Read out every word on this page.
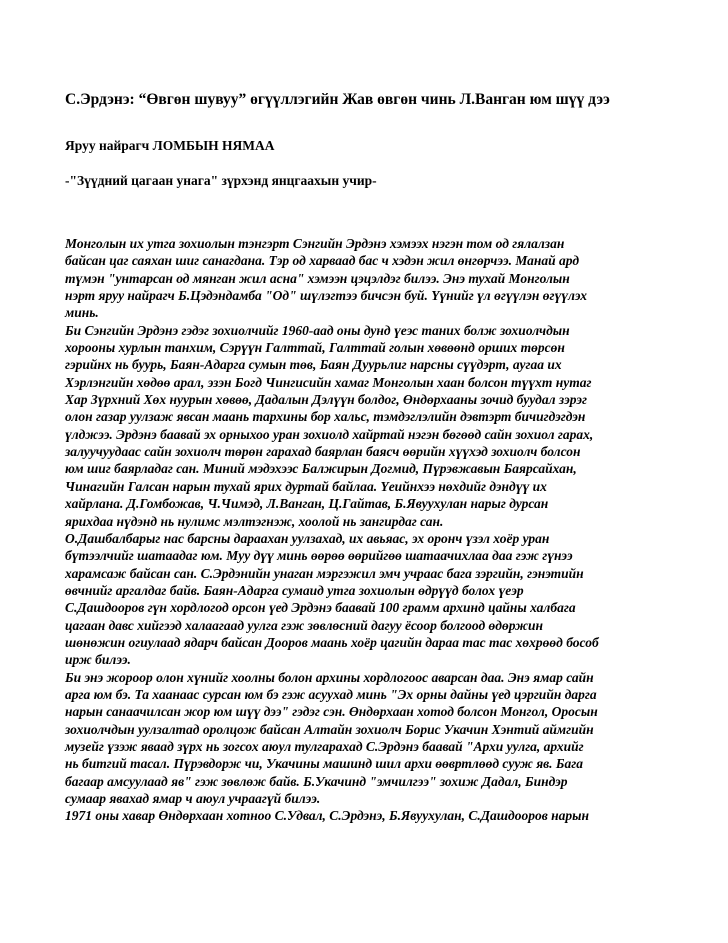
С.Эрдэнэ: “Өвгөн шувуу” өгүүллэгийн Жав өвгөн чинь Л.Ванган юм шүү дээ
Яруу найрагч ЛОМБЫН НЯМАА
-"Зүүдний цагаан унага" зүрхэнд янцгаахын учир-
Монголын их утга зохиолын тэнгэрт Сэнгийн Эрдэнэ хэмээх нэгэн том од гялалзан
байсан цаг саяхан шиг санагдана. Тэр од харваад бас ч хэдэн жил өнгөрчээ. Манай ард
түмэн "унтарсан од мянган жил асна" хэмээн цэцэлдэг билээ. Энэ тухай Монголын
нэрт яруу найрагч Б.Цэдэндамба "Од" шүлэгтээ бичсэн буй. Үүнийг үл өгүүлэн өгүүлэх
минь.
Би Сэнгийн Эрдэнэ гэдэг зохиолчийг 1960-аад оны дунд үеэс таних болж зохиолчдын
хорооны хурлын танхим, Сэрүүн Галттай, Галттай голын хөвөөнд орших төрсөн
гэрийнх нь буурь, Баян-Адарга сумын төв, Баян Дуурьлиг нарсны сүүдэрт, аугаа их
Хэрлэнгийн хөдөө арал, эзэн Богд Чингисийн хамаг Монголын хаан болсон түүхт нутаг
Хар Зүрхний Хөх нуурын хөвөө, Дадалын Дэлүүн болдог, Өндөрхааны зочид буудал зэрэг
олон газар уулзаж явсан маань тархины бор хальс, тэмдэглэлийн дэвтэрт бичигдэгдэн
үлджээ. Эрдэнэ баавай эх орныхоо уран зохиолд хайртай нэгэн бөгөөд сайн зохиол гарах,
залуучуудаас сайн зохиолч төрөн гарахад баярлан баясч өөрийн хүүхэд зохиолч болсон
юм шиг баярладаг сан. Миний мэдэхээс Балжирын Догмид, Пүрэвжавын Баярсайхан,
Чинагийн Галсан нарын тухай ярих дуртай байлаа. Үеийнхээ нөхдийг дэндүү их
хайрлана. Д.Гомбожав, Ч.Чимэд, Л.Ванган, Ц.Гайтав, Б.Явуухулан нарыг дурсан
ярихдаа нүдэнд нь нулимс мэлтэгнэж, хоолой нь зангирдаг сан.
О.Дашбалбарыг нас барсны дараахан уулзахад, их авьяас, эх оронч үзэл хоёр уран
бүтээлчийг шатаадаг юм. Муу дүү минь өөрөө өөрийгөө шатаачихлаа даа гэж гүнээ
харамсаж байсан сан. С.Эрдэнийн унаган мэргэжил эмч учраас бага зэргийн, гэнэтийн
өвчнийг аргалдаг байв. Баян-Адарга сумаид утга зохиолын өдрүүд болох үеэр
С.Дашдооров гүн хордлогод орсон үед Эрдэнэ баавай 100 грамм архинд цайны халбага
цагаан давс хийгээд халаагаад уулга гэж зөвлөсний дагуу ёсоор болгоод өдөржин
шөнөжин огиулаад ядарч байсан Дооров маань хоёр цагийн дараа тас тас хөхрөөд бособ
ирж билээ.
Би энэ жороор олон хүнийг хоолны болон архины хордлогоос аварсан даа. Энэ ямар сайн
арга юм бэ. Та хаанаас сурсан юм бэ гэж асуухад минь "Эх орны дайны үед цэргийн дарга
нарын санаачилсан жор юм шүү дээ" гэдэг сэн. Өндөрхаан хотод болсон Монгол, Оросын
зохиолчдын уулзалтад оролцож байсан Алтайн зохиолч Борис Укачин Хэнтий аймгийн
музейг үзэж явaад зүрх нь зогсох аюул тулгарахад С.Эрдэнэ баавай "Архи уулга, архийг
нь битгий тасал. Пүрэвдорж чи, Укачины машинд шил архи өөвртлөөд сууж яв. Бага
багаар амсуулаад яв" гэж зөвлөж байв. Б.Укачинд "эмчилгээ" зохиж Дадал, Биндэр
сумаар явахад ямар ч аюул учраагүй билээ.
1971 оны хавар Өндөрхаан хотноо С.Удвал, С.Эрдэнэ, Б.Явуухулан, С.Дашдооров нарын
